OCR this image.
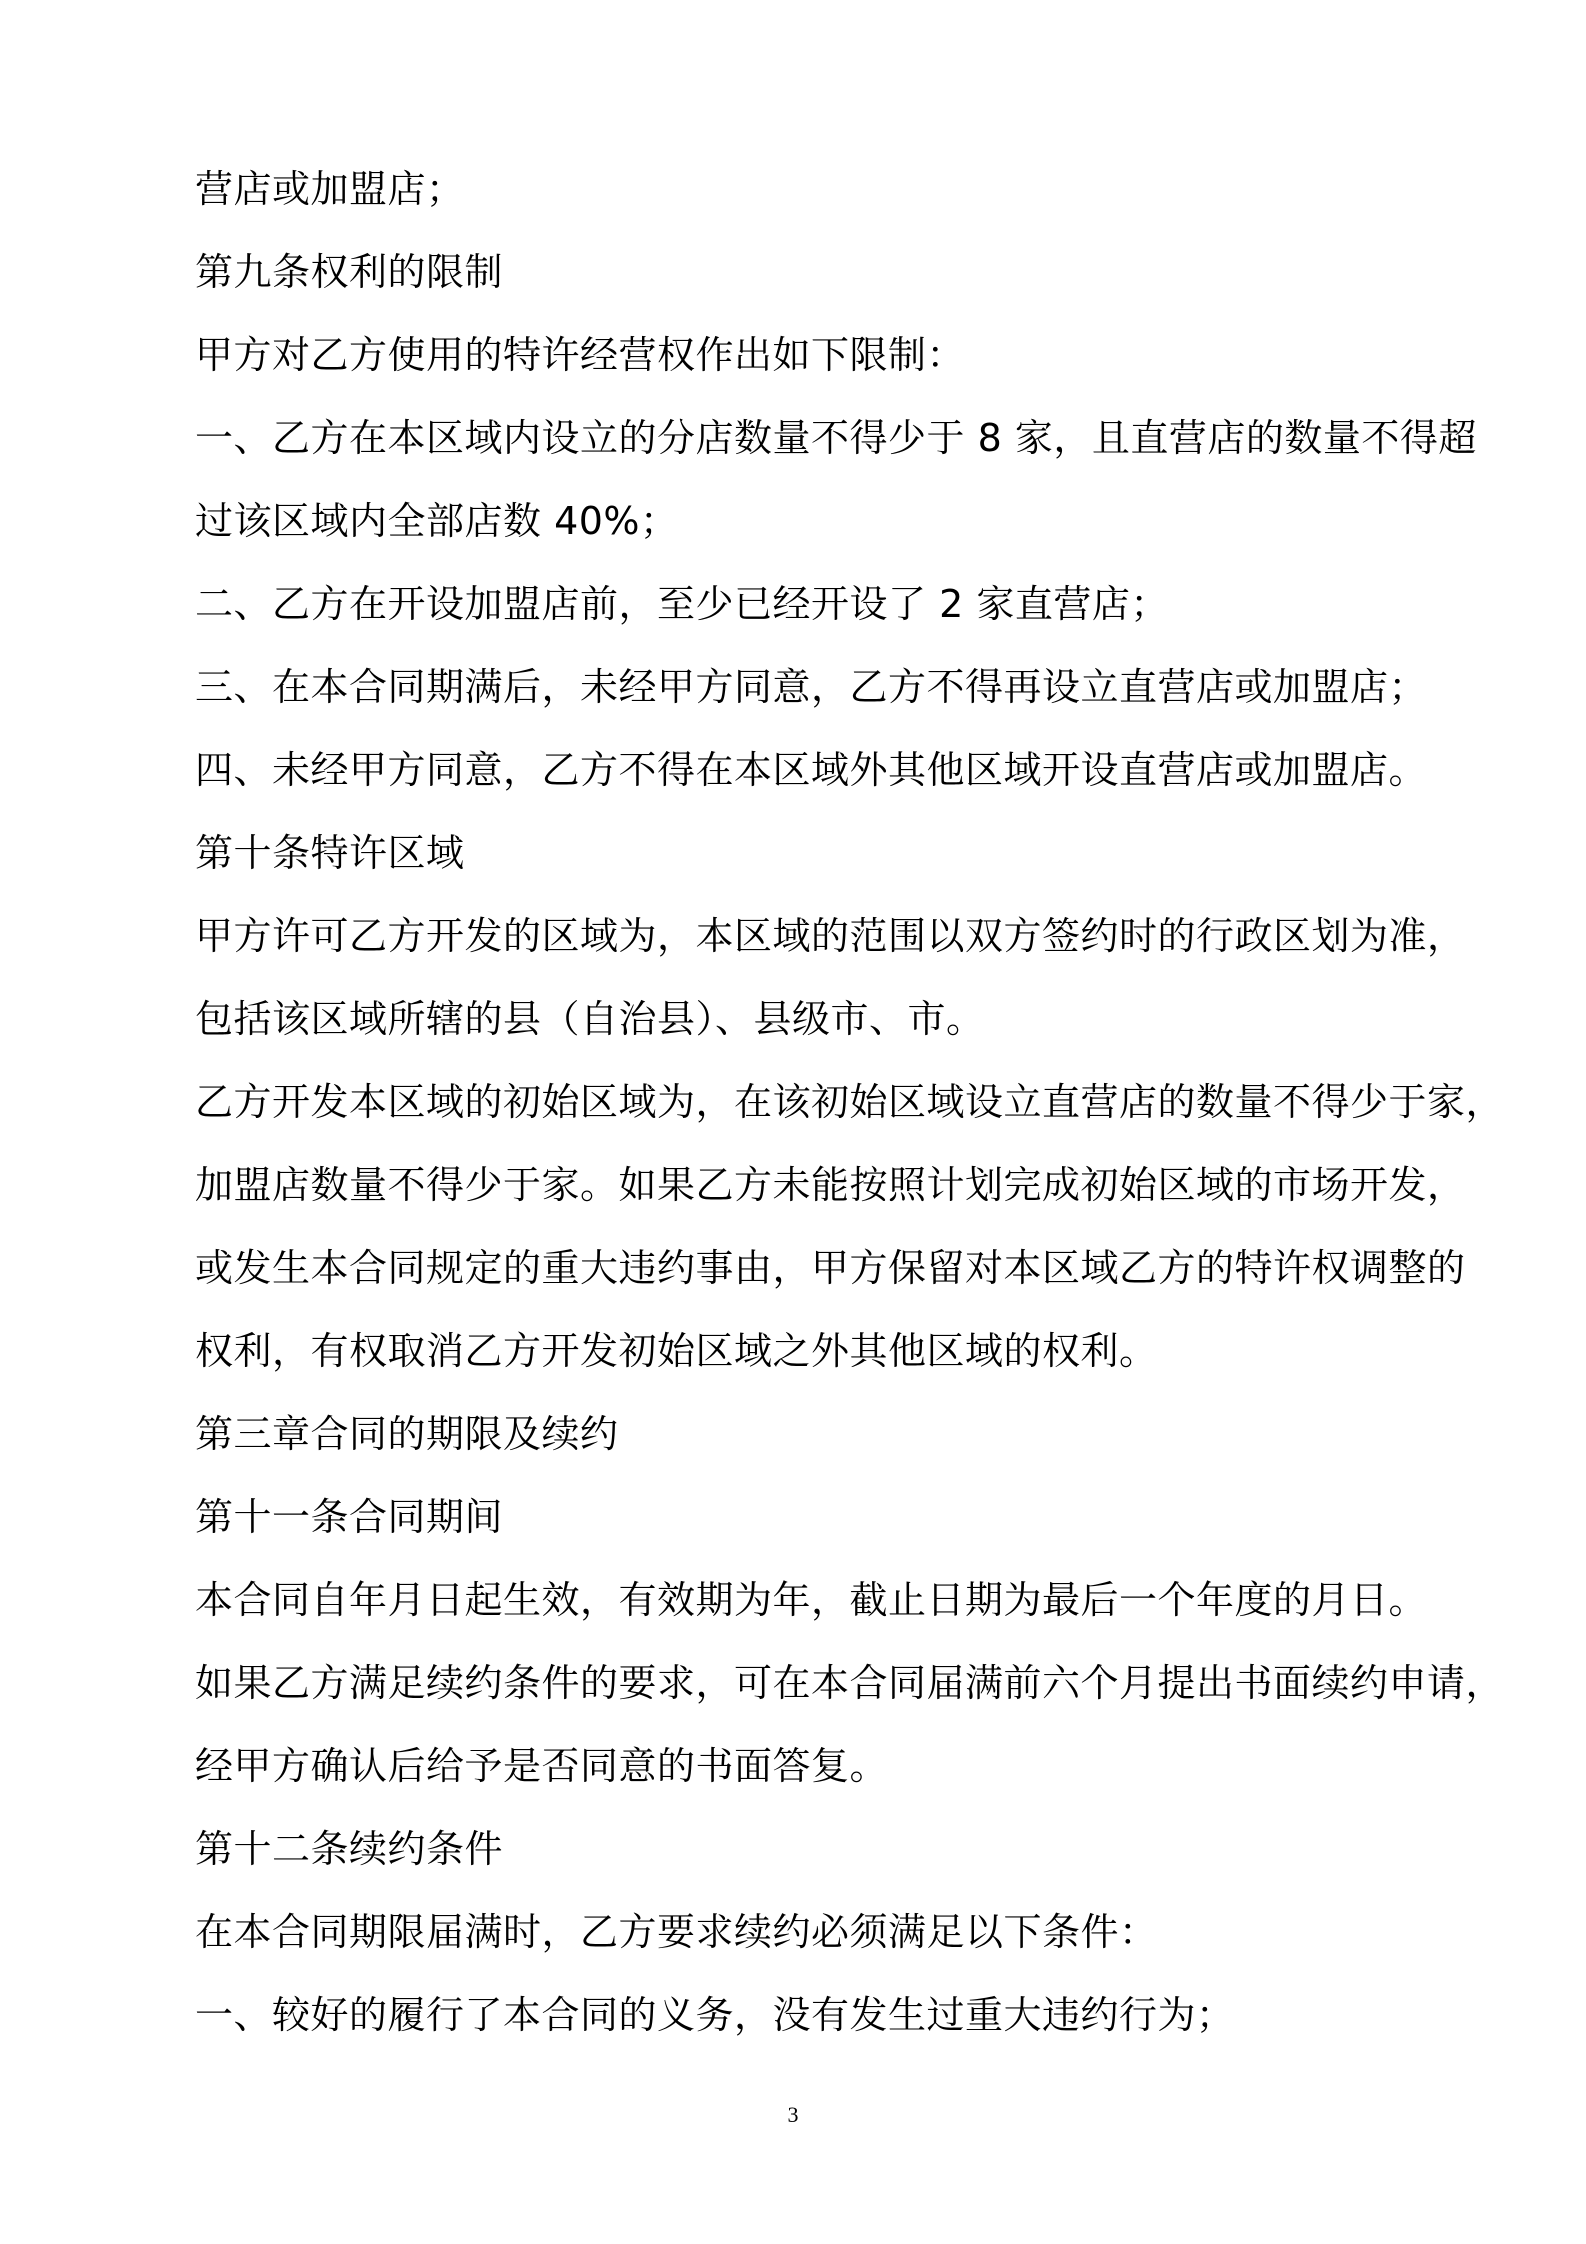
营店或加盟店；
第九条权利的限制
甲方对乙方使用的特许经营权作出如下限制：
一、乙方在本区域内设立的分店数量不得少于 8 家，且直营店的数量不得超
过该区域内全部店数 40%；
二、乙方在开设加盟店前，至少已经开设了 2 家直营店；
三、在本合同期满后，未经甲方同意，乙方不得再设立直营店或加盟店；
四、未经甲方同意，乙方不得在本区域外其他区域开设直营店或加盟店。
第十条特许区域
甲方许可乙方开发的区域为，本区域的范围以双方签约时的行政区划为准，
包括该区域所辖的县（自治县）、县级市、市。
乙方开发本区域的初始区域为，在该初始区域设立直营店的数量不得少于家，
加盟店数量不得少于家。如果乙方未能按照计划完成初始区域的市场开发，
或发生本合同规定的重大违约事由，甲方保留对本区域乙方的特许权调整的
权利，有权取消乙方开发初始区域之外其他区域的权利。
第三章合同的期限及续约
第十一条合同期间
本合同自年月日起生效，有效期为年，截止日期为最后一个年度的月日。
如果乙方满足续约条件的要求，可在本合同届满前六个月提出书面续约申请，
经甲方确认后给予是否同意的书面答复。
第十二条续约条件
在本合同期限届满时，乙方要求续约必须满足以下条件：
一、较好的履行了本合同的义务，没有发生过重大违约行为；
3
